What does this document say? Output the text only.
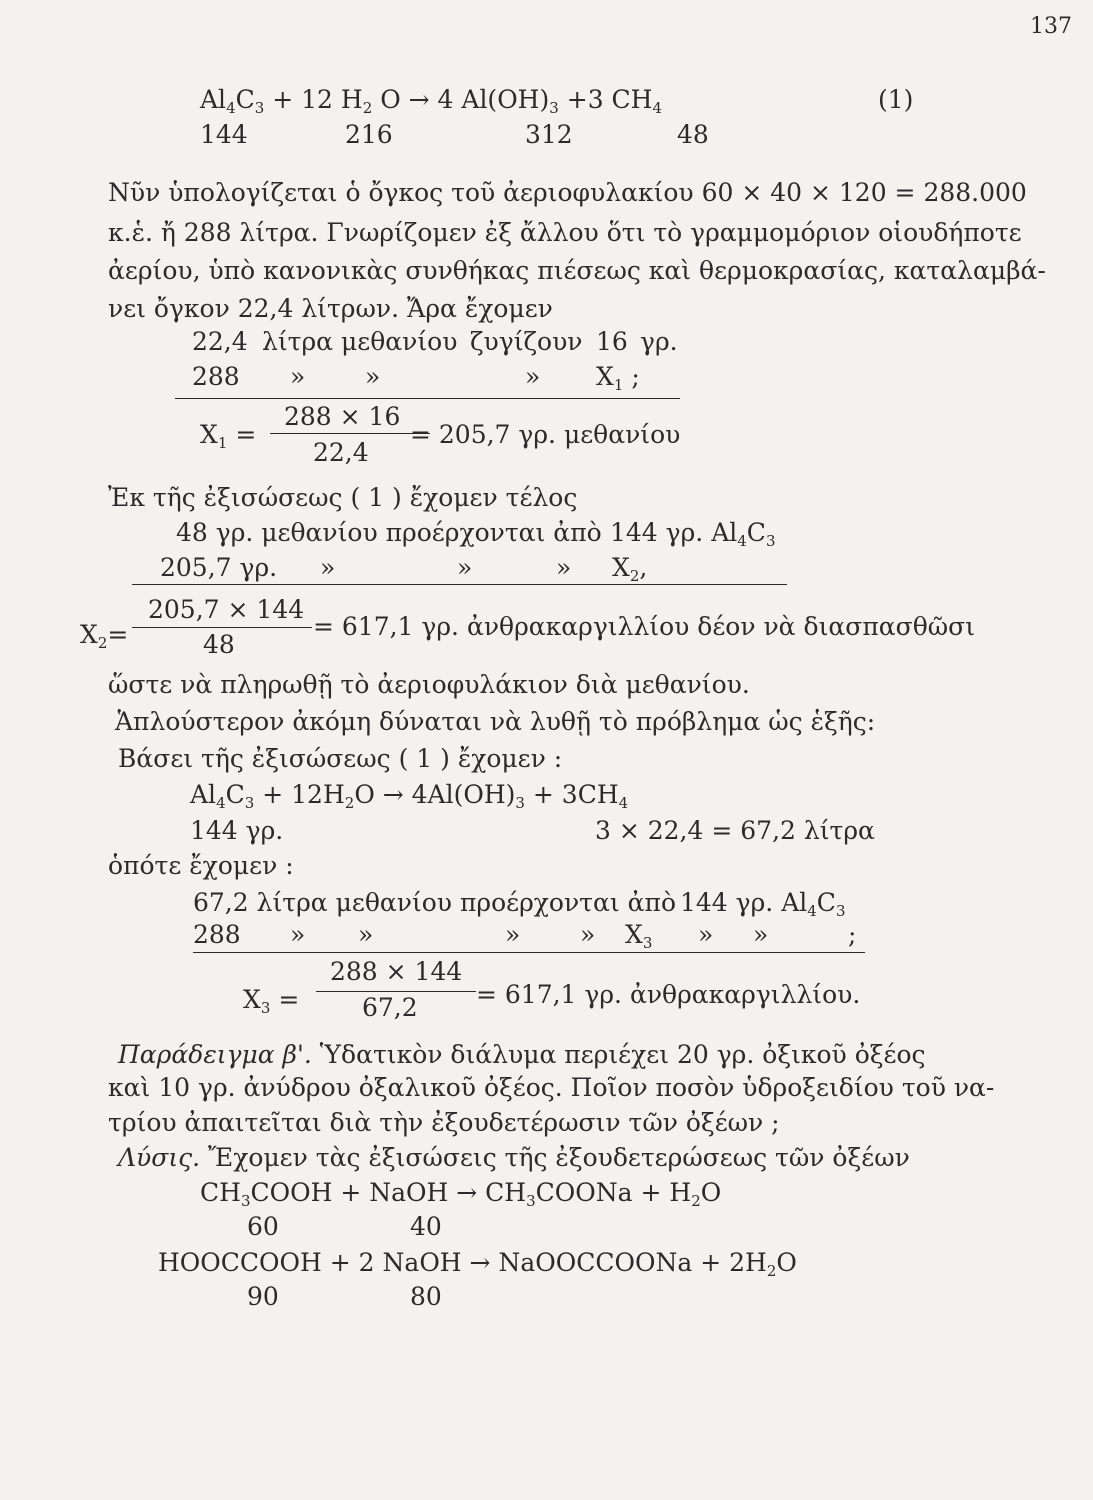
137
$Al_4C_3 + 12$ $H_2$ O → 4 $Al(OH)_3 +3$ $CH_4$	(1)
144	216	312	48
Νῦν ὑπολογίζεται ὁ ὄγκος τοῦ ἀεριοφυλακίου 60 × 40 × 120 = 288.000
κ.ἑ. ἤ 288 λίτρα. Γνωρίζομεν ἐξ ἄλλου ὅτι τὸ γραμμομόριον οἱουδήποτε
ἀερίου, ὑπὸ κανονικὰς συνθήκας πιέσεως καὶ θερμοκρασίας, καταλαμβά-
νει ὄγκον 22,4 λίτρων. Ἄρα ἔχομεν
22,4 λίτρα μεθανίου ζυγίζουν 16 γρ.
288 » »	» $X_1$ ;
$X_1$ =
288 × 16
22,4
= 205,7 γρ. μεθανίου
Ἐκ τῆς ἐξισώσεως ( 1 ) ἔχομεν τέλος
48 γρ. μεθανίου προέρχονται ἀπὸ 144 γρ. $Al_4C_3$
205,7 γρ. »	»	» $X_2$,
$X_2=$
205,7 × 144
48
= 617,1 γρ. ἀνθρακαργιλλίου δέον νὰ διασπασθῶσι
ὥστε νὰ πληρωθῇ τὸ ἀεριοφυλάκιον διὰ μεθανίου.
Ἁπλούστερον ἀκόμη δύναται νὰ λυθῇ τὸ πρόβλημα ὡς ἑξῆς:
Βάσει τῆς ἐξισώσεως ( 1 ) ἔχομεν :
$Al_4C_3 + 12H_2O \to 4Al(OH)_3 + 3CH_4$
144 γρ.	3 × 22,4 = 67,2 λίτρα
ὁπότε ἔχομεν :
67,2 λίτρα μεθανίου προέρχονται ἀπὸ 144 γρ. $Al_4C_3$
288 » »	» » $X_3$ » »	;
$X_3$ =
288 × 144
67,2 = 617,1 γρ. ἀνθρακαργιλλίου.
Παράδειγμα β'. Ὑδατικὸν διάλυμα περιέχει 20 γρ. ὀξικοῦ ὀξέος
καὶ 10 γρ. ἀνύδρου ὀξαλικοῦ ὀξέος. Ποῖον ποσὸν ὑδροξειδίου τοῦ να-
τρίου ἀπαιτεῖται διὰ τὴν ἐξουδετέρωσιν τῶν ὀξέων ;
Λύσις. Ἔχομεν τὰς ἐξισώσεις τῆς ἐξουδετερώσεως τῶν ὀξέων
$CH_3COOH$ + NaOH → $CH_3COONa + H_2O$
60	40
HOOCCOOH + 2 NaOH → NaOOCCOONa + $2H_2O$
90	80
